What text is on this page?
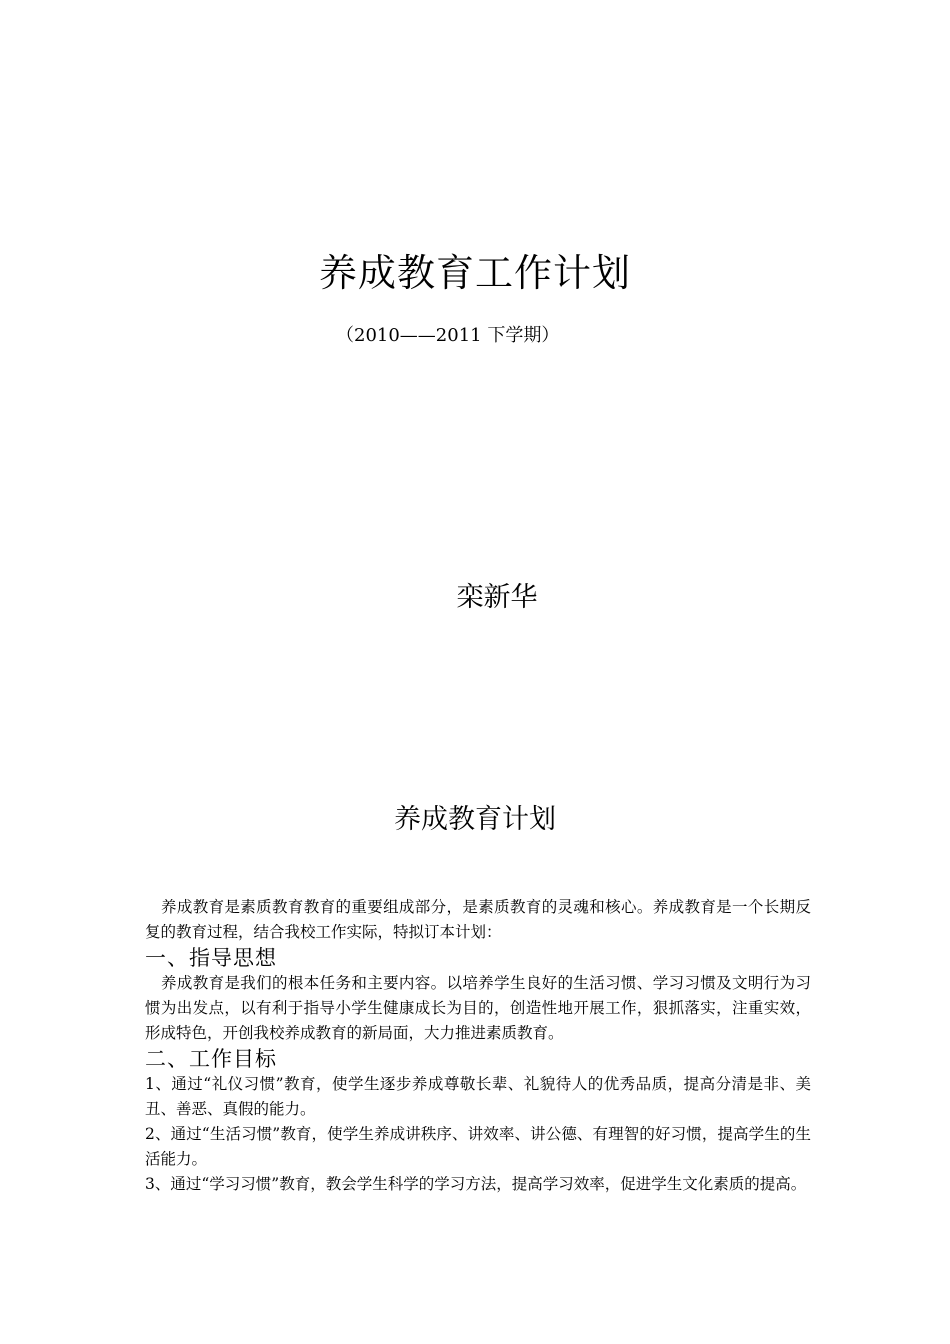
养成教育工作计划
（2010——2011 下学期）
栾新华
养成教育计划

养成教育是素质教育教育的重要组成部分，是素质教育的灵魂和核心。养成教育是一个长期反复的教育过程，结合我校工作实际，特拟订本计划：

一、指导思想

养成教育是我们的根本任务和主要内容。以培养学生良好的生活习惯、学习习惯及文明行为习惯为出发点，以有利于指导小学生健康成长为目的，创造性地开展工作，狠抓落实，注重实效，形成特色，开创我校养成教育的新局面，大力推进素质教育。

二、工作目标

1、通过“礼仪习惯”教育，使学生逐步养成尊敬长辈、礼貌待人的优秀品质，提高分清是非、美丑、善恶、真假的能力。

2、通过“生活习惯”教育，使学生养成讲秩序、讲效率、讲公德、有理智的好习惯，提高学生的生活能力。

3、通过“学习习惯”教育，教会学生科学的学习方法，提高学习效率，促进学生文化素质的提高。
